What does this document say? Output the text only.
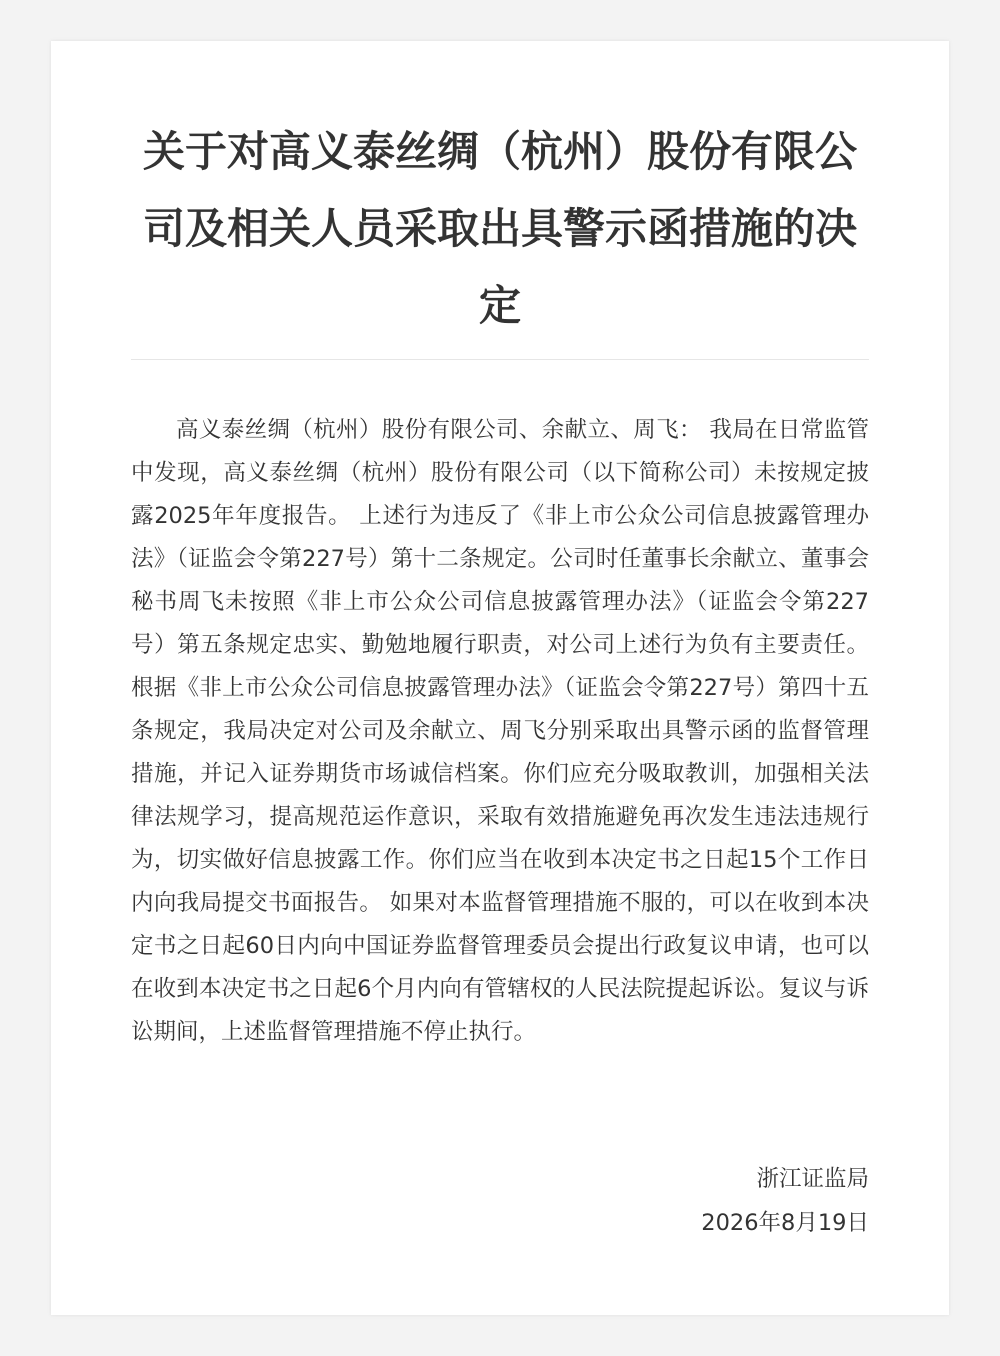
关于对高义泰丝绸（杭州）股份有限公司及相关人员采取出具警示函措施的决定

高义泰丝绸（杭州）股份有限公司、余献立、周飞： 我局在日常监管中发现，高义泰丝绸（杭州）股份有限公司（以下简称公司）未按规定披露2025年年度报告。 上述行为违反了《非上市公众公司信息披露管理办法》（证监会令第227号）第十二条规定。公司时任董事长余献立、董事会秘书周飞未按照《非上市公众公司信息披露管理办法》（证监会令第227号）第五条规定忠实、勤勉地履行职责，对公司上述行为负有主要责任。 根据《非上市公众公司信息披露管理办法》（证监会令第227号）第四十五条规定，我局决定对公司及余献立、周飞分别采取出具警示函的监督管理措施，并记入证券期货市场诚信档案。你们应充分吸取教训，加强相关法律法规学习，提高规范运作意识，采取有效措施避免再次发生违法违规行为，切实做好信息披露工作。你们应当在收到本决定书之日起15个工作日内向我局提交书面报告。 如果对本监督管理措施不服的，可以在收到本决定书之日起60日内向中国证券监督管理委员会提出行政复议申请，也可以在收到本决定书之日起6个月内向有管辖权的人民法院提起诉讼。复议与诉讼期间，上述监督管理措施不停止执行。

浙江证监局
2026年8月19日
